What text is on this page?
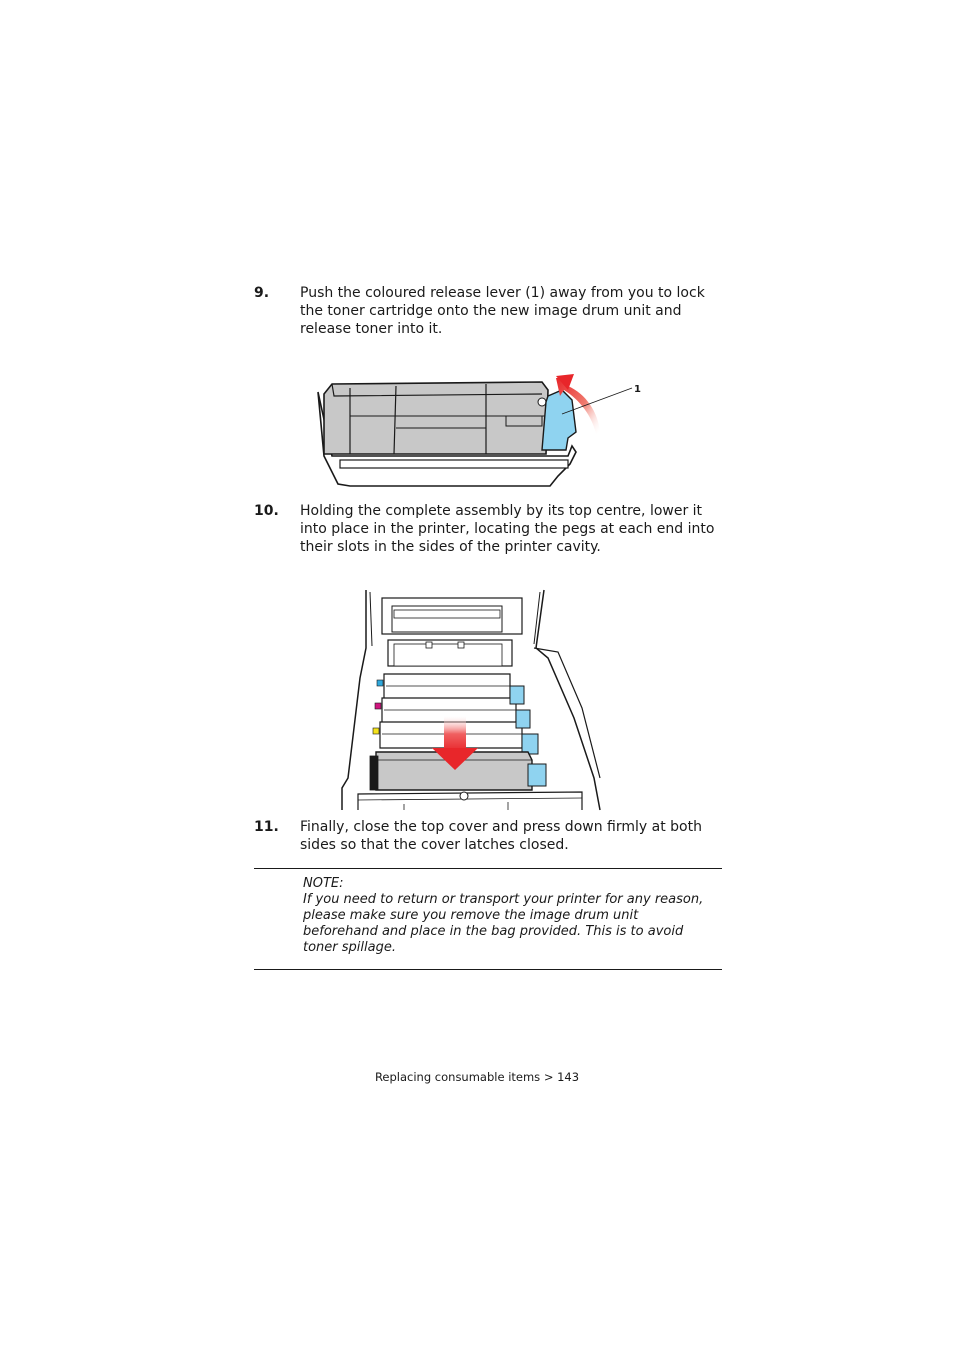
9. Push the coloured release lever (1) away from you to lock the toner cartridge onto the new image drum unit and release toner into it.
1
10. Holding the complete assembly by its top centre, lower it into place in the printer, locating the pegs at each end into their slots in the sides of the printer cavity.
11. Finally, close the top cover and press down firmly at both sides so that the cover latches closed.
NOTE:
If you need to return or transport your printer for any reason, please make sure you remove the image drum unit beforehand and place in the bag provided. This is to avoid toner spillage.
Replacing consumable items > 143
